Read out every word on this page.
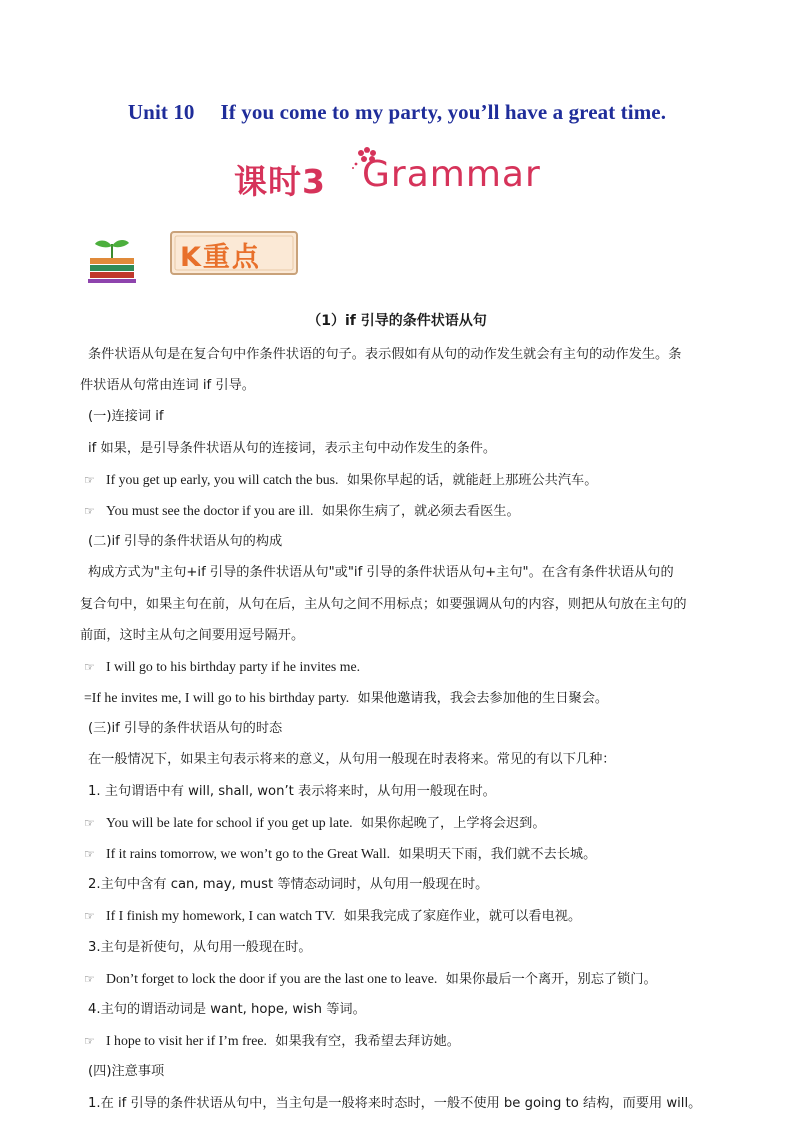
Unit 10 If you come to my party, you’ll have a great time.
课时3 Grammar
K重点
（1）if 引导的条件状语从句
条件状语从句是在复合句中作条件状语的句子。表示假如有从句的动作发生就会有主句的动作发生。条
件状语从句常由连词 if 引导。
(一)连接词 if
if 如果，是引导条件状语从句的连接词，表示主句中动作发生的条件。
☞ If you get up early, you will catch the bus.  如果你早起的话，就能赶上那班公共汽车。
☞ You must see the doctor if you are ill.  如果你生病了，就必须去看医生。
(二)if 引导的条件状语从句的构成
构成方式为"主句+if 引导的条件状语从句"或"if 引导的条件状语从句+主句"。在含有条件状语从句的
复合句中，如果主句在前，从句在后，主从句之间不用标点；如要强调从句的内容，则把从句放在主句的
前面，这时主从句之间要用逗号隔开。
☞ I will go to his birthday party if he invites me.
=If he invites me, I will go to his birthday party.  如果他邀请我，我会去参加他的生日聚会。
(三)if 引导的条件状语从句的时态
在一般情况下，如果主句表示将来的意义，从句用一般现在时表将来。常见的有以下几种：
1. 主句谓语中有 will, shall, won’t 表示将来时，从句用一般现在时。
☞ You will be late for school if you get up late.  如果你起晚了，上学将会迟到。
☞ If it rains tomorrow, we won’t go to the Great Wall.  如果明天下雨，我们就不去长城。
2.主句中含有 can, may, must 等情态动词时，从句用一般现在时。
☞ If I finish my homework, I can watch TV.  如果我完成了家庭作业，就可以看电视。
3.主句是祈使句，从句用一般现在时。
☞ Don’t forget to lock the door if you are the last one to leave.  如果你最后一个离开，别忘了锁门。
4.主句的谓语动词是 want, hope, wish 等词。
☞ I hope to visit her if I’m free.  如果我有空，我希望去拜访她。
(四)注意事项
1.在 if 引导的条件状语从句中，当主句是一般将来时态时，一般不使用 be going to 结构，而要用 will。
